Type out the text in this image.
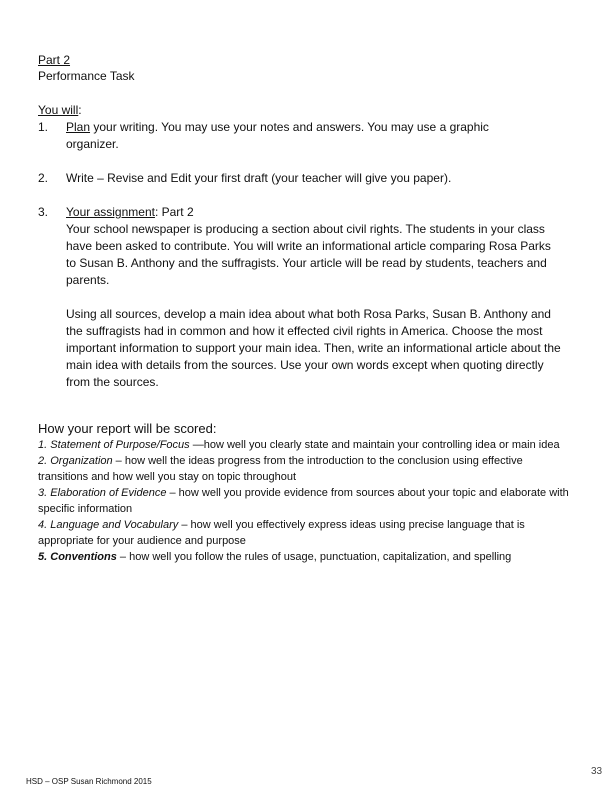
Part 2
Performance Task
You will:
1. Plan your writing. You may use your notes and answers. You may use a graphic organizer.

2. Write – Revise and Edit your first draft (your teacher will give you paper).
3. Your assignment: Part 2

Your school newspaper is producing a section about civil rights. The students in your class have been asked to contribute. You will write an informational article comparing Rosa Parks to Susan B. Anthony and the suffragists. Your article will be read by students, teachers and parents.

Using all sources, develop a main idea about what both Rosa Parks, Susan B. Anthony and the suffragists had in common and how it effected civil rights in America. Choose the most important information to support your main idea. Then, write an informational article about the main idea with details from the sources. Use your own words except when quoting directly from the sources.

How your report will be scored:

1. Statement of Purpose/Focus —how well you clearly state and maintain your controlling idea or main idea

2. Organization – how well the ideas progress from the introduction to the conclusion using effective transitions and how well you stay on topic throughout

3. Elaboration of Evidence – how well you provide evidence from sources about your topic and elaborate with specific information

4. Language and Vocabulary – how well you effectively express ideas using precise language that is appropriate for your audience and purpose

5. Conventions – how well you follow the rules of usage, punctuation, capitalization, and spelling

HSD – OSP Susan Richmond 2015
33
